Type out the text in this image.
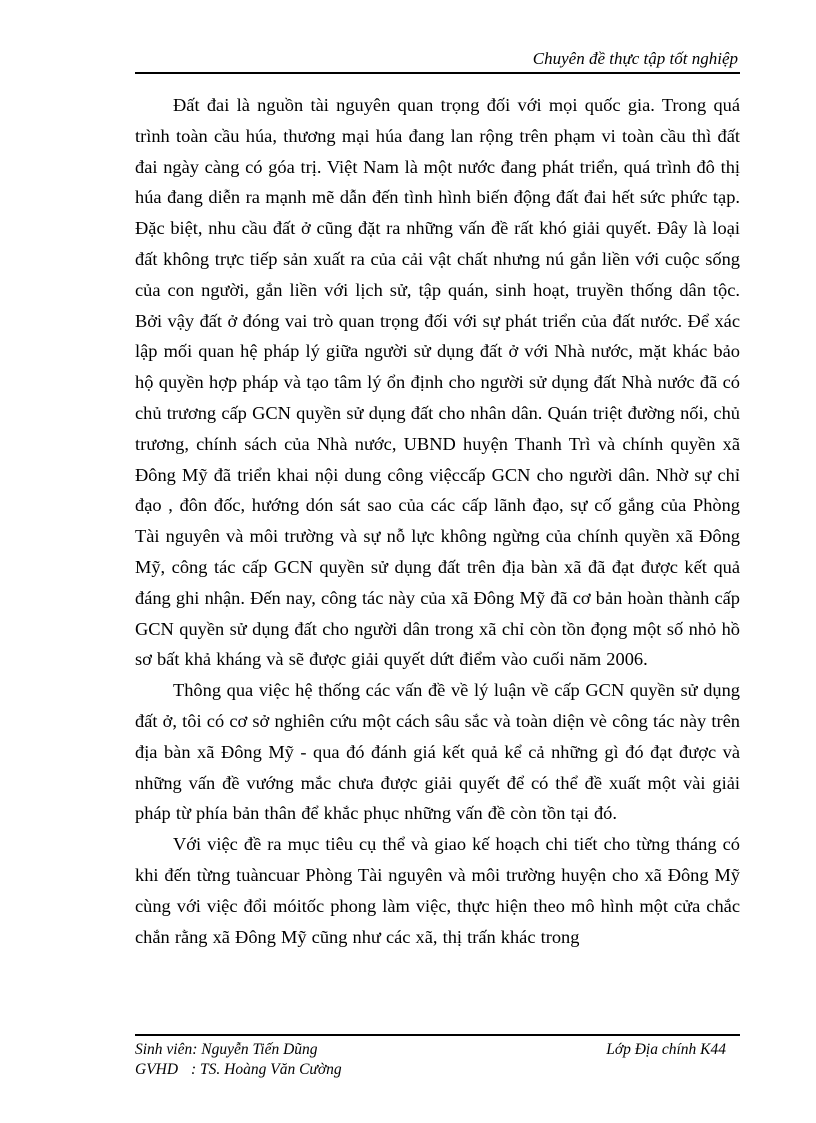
Chuyên đề thực tập tốt nghiệp

Đất đai là nguồn tài nguyên quan trọng đối với mọi quốc gia. Trong quá trình toàn cầu húa, thương mại húa đang lan rộng trên phạm vi toàn cầu thì đất đai ngày càng có góa trị. Việt Nam là một nước đang phát triển, quá trình đô thị húa đang diễn ra mạnh mẽ dẫn đến tình hình biến động đất đai hết sức phức tạp. Đặc biệt, nhu cầu đất ở cũng đặt ra những vấn đề rất khó giải quyết. Đây là loại đất không trực tiếp sản xuất ra của cải vật chất nhưng nú gắn liền với cuộc sống của con người, gắn liền với lịch sử, tập quán, sinh hoạt, truyền thống dân tộc. Bởi vậy đất ở đóng vai trò quan trọng đối với sự phát triển của đất nước. Để xác lập mối quan hệ pháp lý giữa người sử dụng đất ở với Nhà nước, mặt khác bảo hộ quyền hợp pháp và tạo tâm lý ổn định cho người sử dụng đất Nhà nước đã có chủ trương cấp GCN quyền sử dụng đất cho nhân dân. Quán triệt đường nối, chủ trương, chính sách của Nhà nước, UBND huyện Thanh Trì và chính quyền xã Đông Mỹ đã triển khai nội dung công việccấp GCN cho người dân. Nhờ sự chỉ đạo , đôn đốc, hướng dón sát sao của các cấp lãnh đạo, sự cố gắng của Phòng Tài nguyên và môi trường và sự nỗ lực không ngừng của chính quyền xã Đông Mỹ, công tác cấp GCN quyền sử dụng đất trên địa bàn xã đã đạt được kết quả đáng ghi nhận. Đến nay, công tác này của xã Đông Mỹ đã cơ bản hoàn thành cấp GCN quyền sử dụng đất cho người dân trong xã chỉ còn tồn đọng một số nhỏ hồ sơ bất khả kháng và sẽ được giải quyết dứt điểm vào cuối năm 2006.

Thông qua việc hệ thống các vấn đề về lý luận về cấp GCN quyền sử dụng đất ở, tôi có cơ sở nghiên cứu một cách sâu sắc và toàn diện vè công tác này trên địa bàn xã Đông Mỹ - qua đó đánh giá kết quả kể cả những gì đó đạt được và những vấn đề vướng mắc chưa được giải quyết để có thể đề xuất một vài giải pháp từ phía bản thân để khắc phục những vấn đề còn tồn tại đó.

Với việc đề ra mục tiêu cụ thể và giao kế hoạch chi tiết cho từng tháng có khi đến từng tuàncuar Phòng Tài nguyên và môi trường huyện cho xã Đông Mỹ cùng với việc đổi móitốc phong làm việc, thực hiện theo mô hình một cửa chắc chắn rằng xã Đông Mỹ cũng như các xã, thị trấn khác trong

Sinh viên: Nguyễn Tiến Dũng	Lớp Địa chính K44
GVHD : TS. Hoàng Văn Cường
